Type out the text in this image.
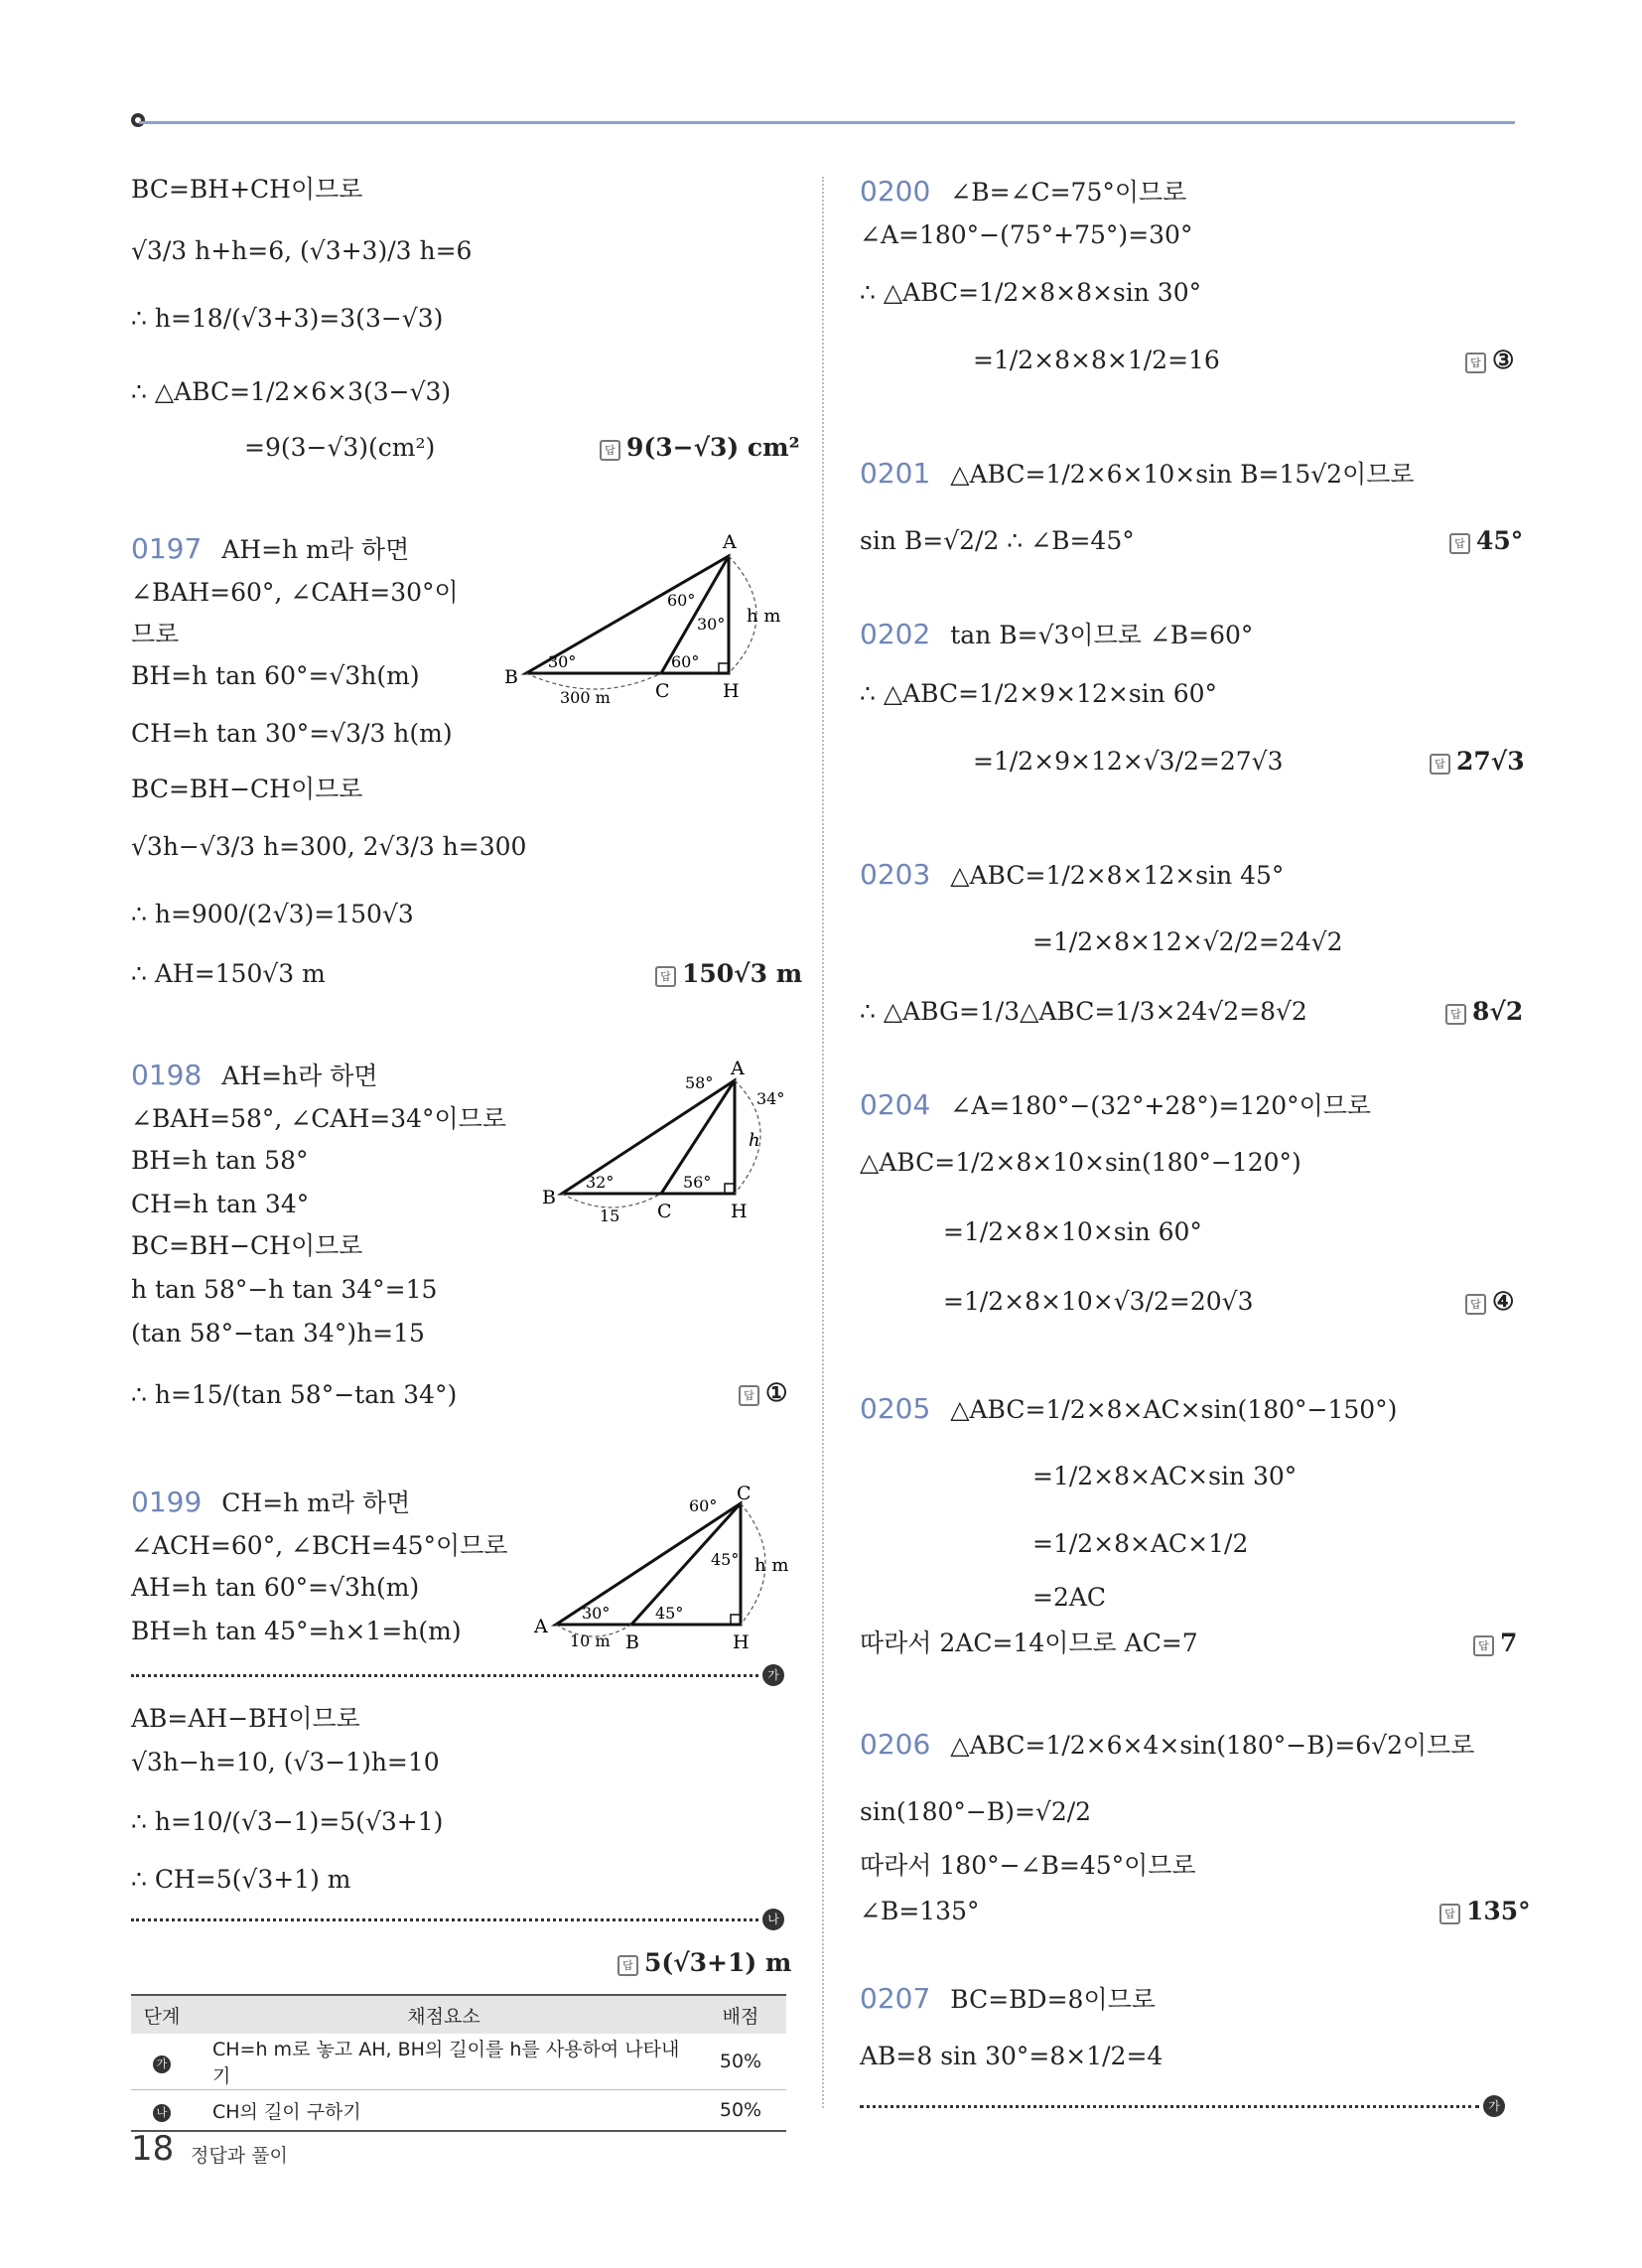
BC=BH+CH이므로
√3/3 h+h=6, (√3+3)/3 h=6
∴ h=18/(√3+3)=3(3−√3)
∴ △ABC=1/2×6×3(3−√3)
=9(3−√3)(cm²)	답 9(3−√3) cm²
0197 AH=h m라 하면
∠BAH=60°, ∠CAH=30°이
므로
BH=h tan 60°=√3h(m)
CH=h tan 30°=√3/3 h(m)
BC=BH−CH이므로
√3h−√3/3 h=300, 2√3/3 h=300
∴ h=900/(2√3)=150√3
∴ AH=150√3 m	답 150√3 m
A
B
C	H
30°
60°
30°
60°
300 m
h m
0198 AH=h라 하면
∠BAH=58°, ∠CAH=34°이므로
BH=h tan 58°
CH=h tan 34°
BC=BH−CH이므로
h tan 58°−h tan 34°=15
(tan 58°−tan 34°)h=15
∴ h=15/(tan 58°−tan 34°)	답 ①
A
B
C	H
32°
58°
34°
56°
15
h
0199 CH=h m라 하면
∠ACH=60°, ∠BCH=45°이므로
AH=h tan 60°=√3h(m)
BH=h tan 45°=h×1=h(m)
C
A
B	H
30°	45°
60°
45°
10 m
h m
가
AB=AH−BH이므로
√3h−h=10, (√3−1)h=10
∴ h=10/(√3−1)=5(√3+1)
∴ CH=5(√3+1) m
나
답 5(√3+1) m
단계	채점요소	배점
가	CH=h m로 놓고 AH, BH의 길이를 h를 사용하여 나타내기	50%
나	CH의 길이 구하기	50%
0200 ∠B=∠C=75°이므로
∠A=180°−(75°+75°)=30°
∴ △ABC=1/2×8×8×sin 30°
=1/2×8×8×1/2=16	답 ③
0201 △ABC=1/2×6×10×sin B=15√2이므로
sin B=√2/2 ∴ ∠B=45°	답 45°
0202 tan B=√3이므로 ∠B=60°
∴ △ABC=1/2×9×12×sin 60°
=1/2×9×12×√3/2=27√3	답 27√3
0203 △ABC=1/2×8×12×sin 45°
=1/2×8×12×√2/2=24√2
∴ △ABG=1/3△ABC=1/3×24√2=8√2	답 8√2
0204 ∠A=180°−(32°+28°)=120°이므로
△ABC=1/2×8×10×sin(180°−120°)
=1/2×8×10×sin 60°
=1/2×8×10×√3/2=20√3	답 ④
0205 △ABC=1/2×8×AC×sin(180°−150°)
=1/2×8×AC×sin 30°
=1/2×8×AC×1/2
=2AC
따라서 2AC=14이므로 AC=7	답 7
0206 △ABC=1/2×6×4×sin(180°−B)=6√2이므로
sin(180°−B)=√2/2
따라서 180°−∠B=45°이므로
∠B=135°	답 135°
0207 BC=BD=8이므로
AB=8 sin 30°=8×1/2=4
가
18 정답과 풀이
